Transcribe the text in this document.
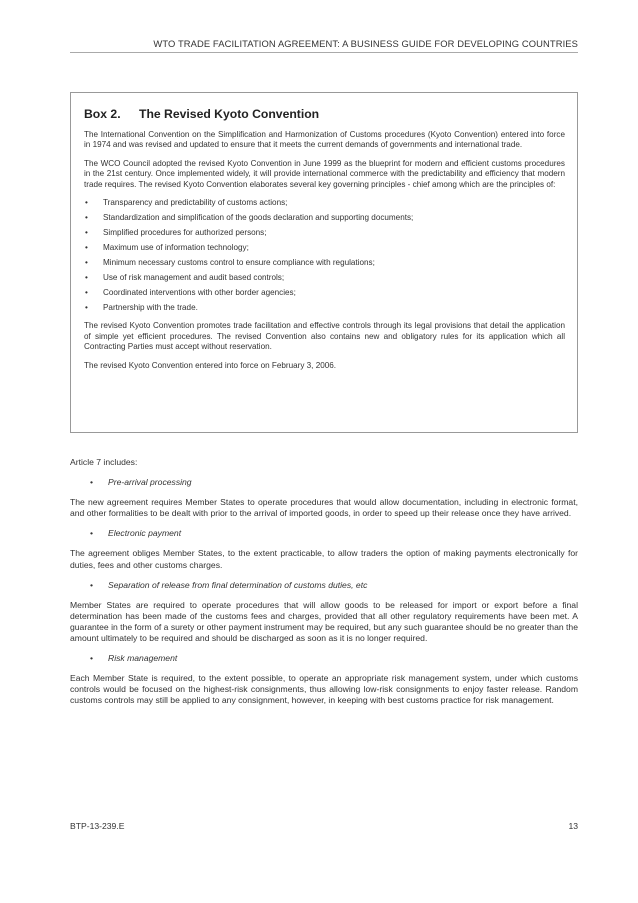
WTO TRADE FACILITATION AGREEMENT: A BUSINESS GUIDE FOR DEVELOPING COUNTRIES
Box 2. The Revised Kyoto Convention

The International Convention on the Simplification and Harmonization of Customs procedures (Kyoto Convention) entered into force in 1974 and was revised and updated to ensure that it meets the current demands of governments and international trade.

The WCO Council adopted the revised Kyoto Convention in June 1999 as the blueprint for modern and efficient customs procedures in the 21st century. Once implemented widely, it will provide international commerce with the predictability and efficiency that modern trade requires. The revised Kyoto Convention elaborates several key governing principles - chief among which are the principles of:

• Transparency and predictability of customs actions;
• Standardization and simplification of the goods declaration and supporting documents;
• Simplified procedures for authorized persons;
• Maximum use of information technology;
• Minimum necessary customs control to ensure compliance with regulations;
• Use of risk management and audit based controls;
• Coordinated interventions with other border agencies;
• Partnership with the trade.

The revised Kyoto Convention promotes trade facilitation and effective controls through its legal provisions that detail the application of simple yet efficient procedures. The revised Convention also contains new and obligatory rules for its application which all Contracting Parties must accept without reservation.

The revised Kyoto Convention entered into force on February 3, 2006.

Article 7 includes:

• Pre-arrival processing

The new agreement requires Member States to operate procedures that would allow documentation, including in electronic format, and other formalities to be dealt with prior to the arrival of imported goods, in order to speed up their release once they have arrived.

• Electronic payment

The agreement obliges Member States, to the extent practicable, to allow traders the option of making payments electronically for duties, fees and other customs charges.

• Separation of release from final determination of customs duties, etc

Member States are required to operate procedures that will allow goods to be released for import or export before a final determination has been made of the customs fees and charges, provided that all other regulatory requirements have been met. A guarantee in the form of a surety or other payment instrument may be required, but any such guarantee should be no greater than the amount ultimately to be required and should be discharged as soon as it is no longer required.

• Risk management

Each Member State is required, to the extent possible, to operate an appropriate risk management system, under which customs controls would be focused on the highest-risk consignments, thus allowing low-risk consignments to enjoy faster release. Random customs controls may still be applied to any consignment, however, in keeping with best customs practice for risk management.

BTP-13-239.E	13
